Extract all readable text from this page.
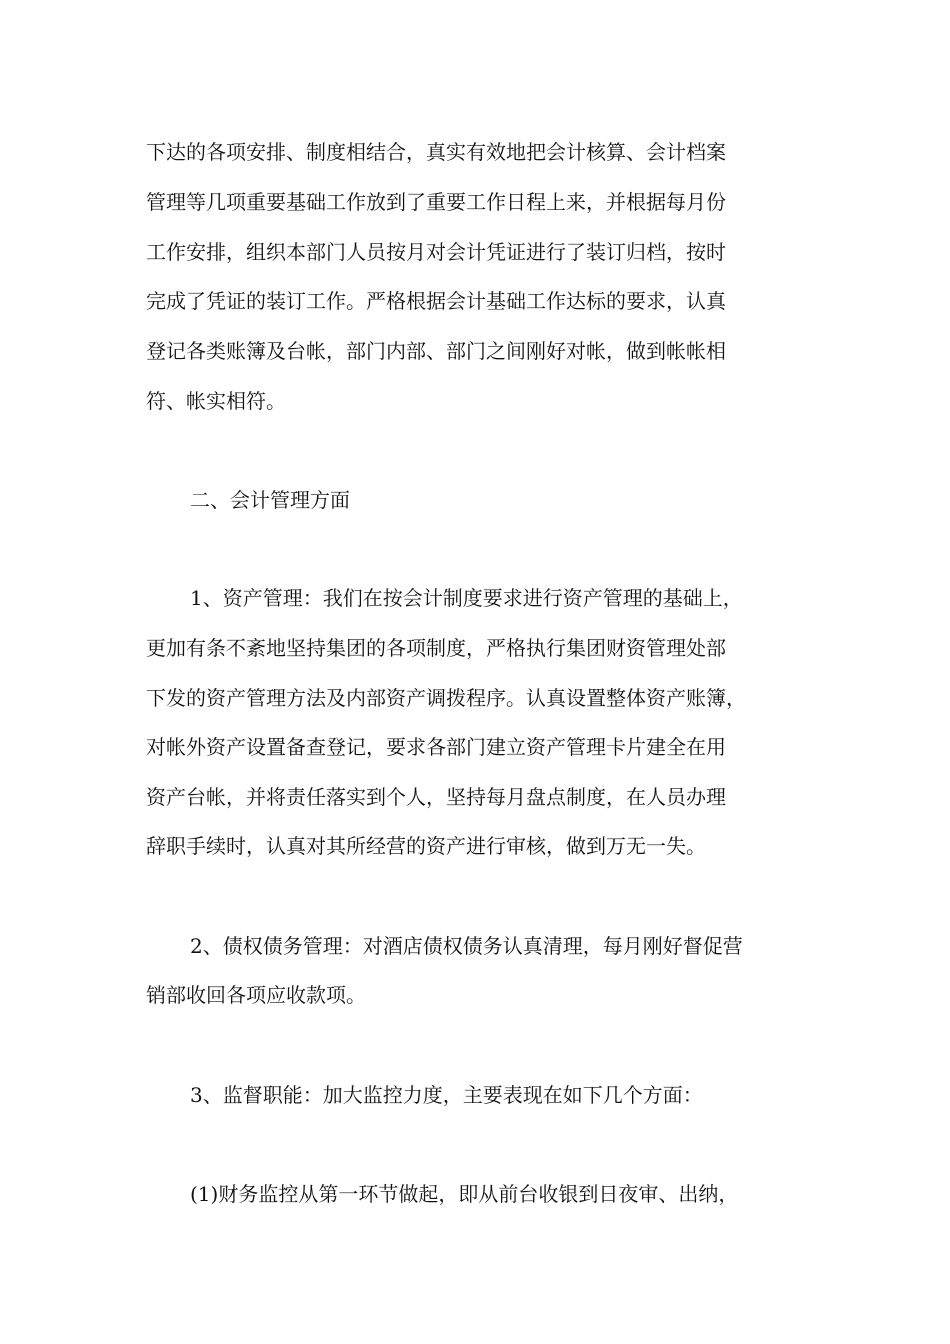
下达的各项安排、制度相结合，真实有效地把会计核算、会计档案

管理等几项重要基础工作放到了重要工作日程上来，并根据每月份

工作安排，组织本部门人员按月对会计凭证进行了装订归档，按时

完成了凭证的装订工作。严格根据会计基础工作达标的要求，认真

登记各类账簿及台帐，部门内部、部门之间刚好对帐，做到帐帐相

符、帐实相符。

二、会计管理方面

1、资产管理：我们在按会计制度要求进行资产管理的基础上，

更加有条不紊地坚持集团的各项制度，严格执行集团财资管理处部

下发的资产管理方法及内部资产调拨程序。认真设置整体资产账簿，

对帐外资产设置备查登记，要求各部门建立资产管理卡片建全在用

资产台帐，并将责任落实到个人，坚持每月盘点制度，在人员办理

辞职手续时，认真对其所经营的资产进行审核，做到万无一失。

2、债权债务管理：对酒店债权债务认真清理，每月刚好督促营

销部收回各项应收款项。

3、监督职能：加大监控力度，主要表现在如下几个方面：

(1)财务监控从第一环节做起，即从前台收银到日夜审、出纳，
